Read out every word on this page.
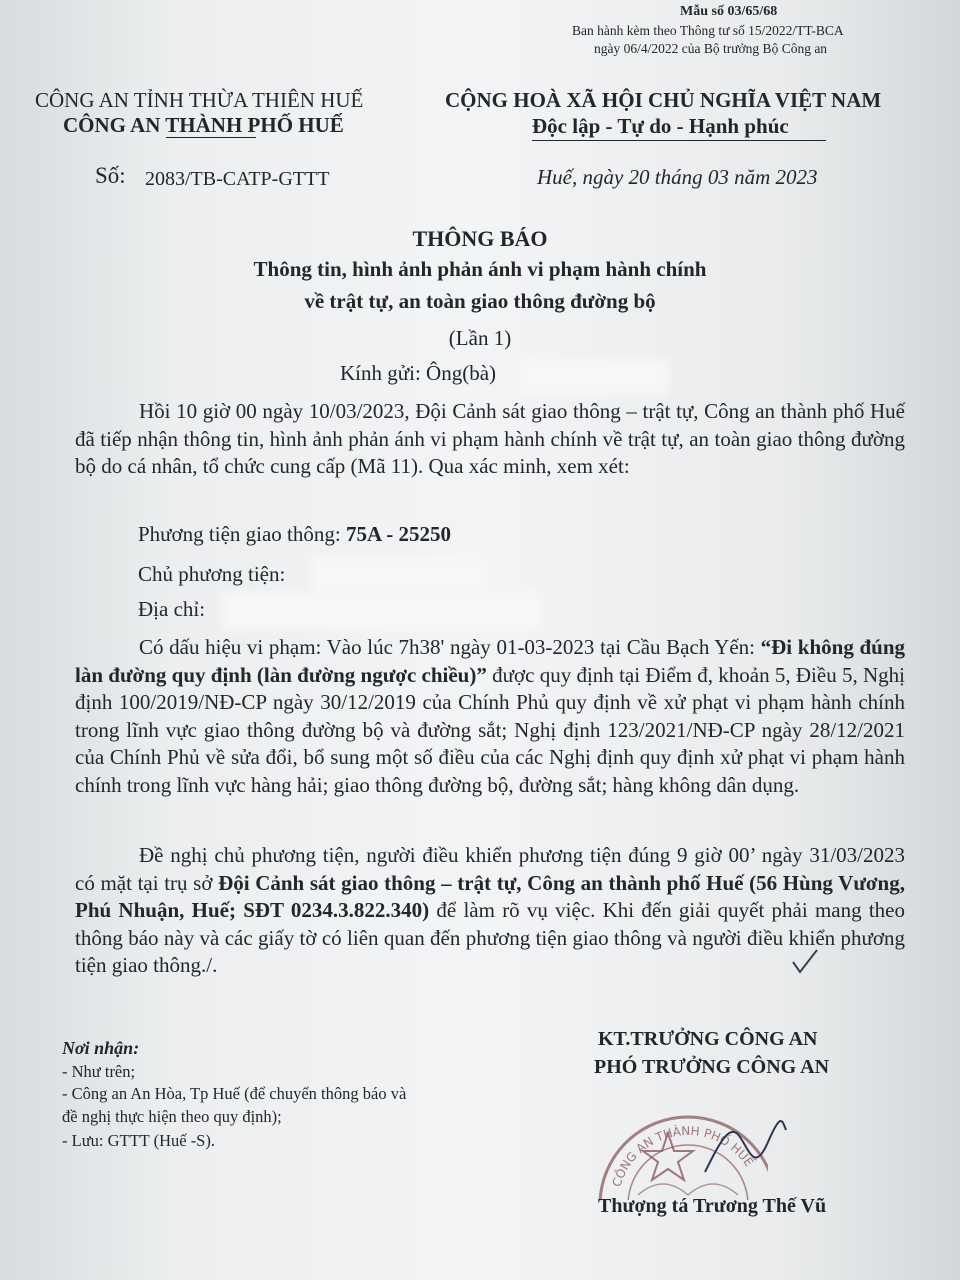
Mẫu số 03/65/68
Ban hành kèm theo Thông tư số 15/2022/TT-BCA
ngày 06/4/2022 của Bộ trưởng Bộ Công an
CÔNG AN TỈNH THỪA THIÊN HUẾ
CÔNG AN THÀNH PHỐ HUẾ
CỘNG HOÀ XÃ HỘI CHỦ NGHĨA VIỆT NAM
Độc lập - Tự do - Hạnh phúc
Số: 2083/TB-CATP-GTTT	Huế, ngày 20 tháng 03 năm 2023
THÔNG BÁO
Thông tin, hình ảnh phản ánh vi phạm hành chính
về trật tự, an toàn giao thông đường bộ
(Lần 1)
Kính gửi: Ông(bà)
Hồi 10 giờ 00 ngày 10/03/2023, Đội Cảnh sát giao thông – trật tự, Công an thành phố Huế đã tiếp nhận thông tin, hình ảnh phản ánh vi phạm hành chính về trật tự, an toàn giao thông đường bộ do cá nhân, tổ chức cung cấp (Mã 11). Qua xác minh, xem xét:
Phương tiện giao thông: 75A - 25250
Chủ phương tiện:
Địa chỉ:
Có dấu hiệu vi phạm: Vào lúc 7h38' ngày 01-03-2023 tại Cầu Bạch Yến: “Đi không đúng làn đường quy định (làn đường ngược chiều)” được quy định tại Điểm đ, khoản 5, Điều 5, Nghị định 100/2019/NĐ-CP ngày 30/12/2019 của Chính Phủ quy định về xử phạt vi phạm hành chính trong lĩnh vực giao thông đường bộ và đường sắt; Nghị định 123/2021/NĐ-CP ngày 28/12/2021 của Chính Phủ về sửa đổi, bổ sung một số điều của các Nghị định quy định xử phạt vi phạm hành chính trong lĩnh vực hàng hải; giao thông đường bộ, đường sắt; hàng không dân dụng.
Đề nghị chủ phương tiện, người điều khiển phương tiện đúng 9 giờ 00’ ngày 31/03/2023 có mặt tại trụ sở Đội Cảnh sát giao thông – trật tự, Công an thành phố Huế (56 Hùng Vương, Phú Nhuận, Huế; SĐT 0234.3.822.340) để làm rõ vụ việc. Khi đến giải quyết phải mang theo thông báo này và các giấy tờ có liên quan đến phương tiện giao thông và người điều khiển phương tiện giao thông./.
Nơi nhận:
- Như trên;
- Công an An Hòa, Tp Huế (để chuyển thông báo và
đề nghị thực hiện theo quy định);
- Lưu: GTTT (Huế -S).
KT.TRƯỞNG CÔNG AN
PHÓ TRƯỞNG CÔNG AN
CÔNG AN THÀNH PHỐ HUẾ
Thượng tá Trương Thế Vũ
